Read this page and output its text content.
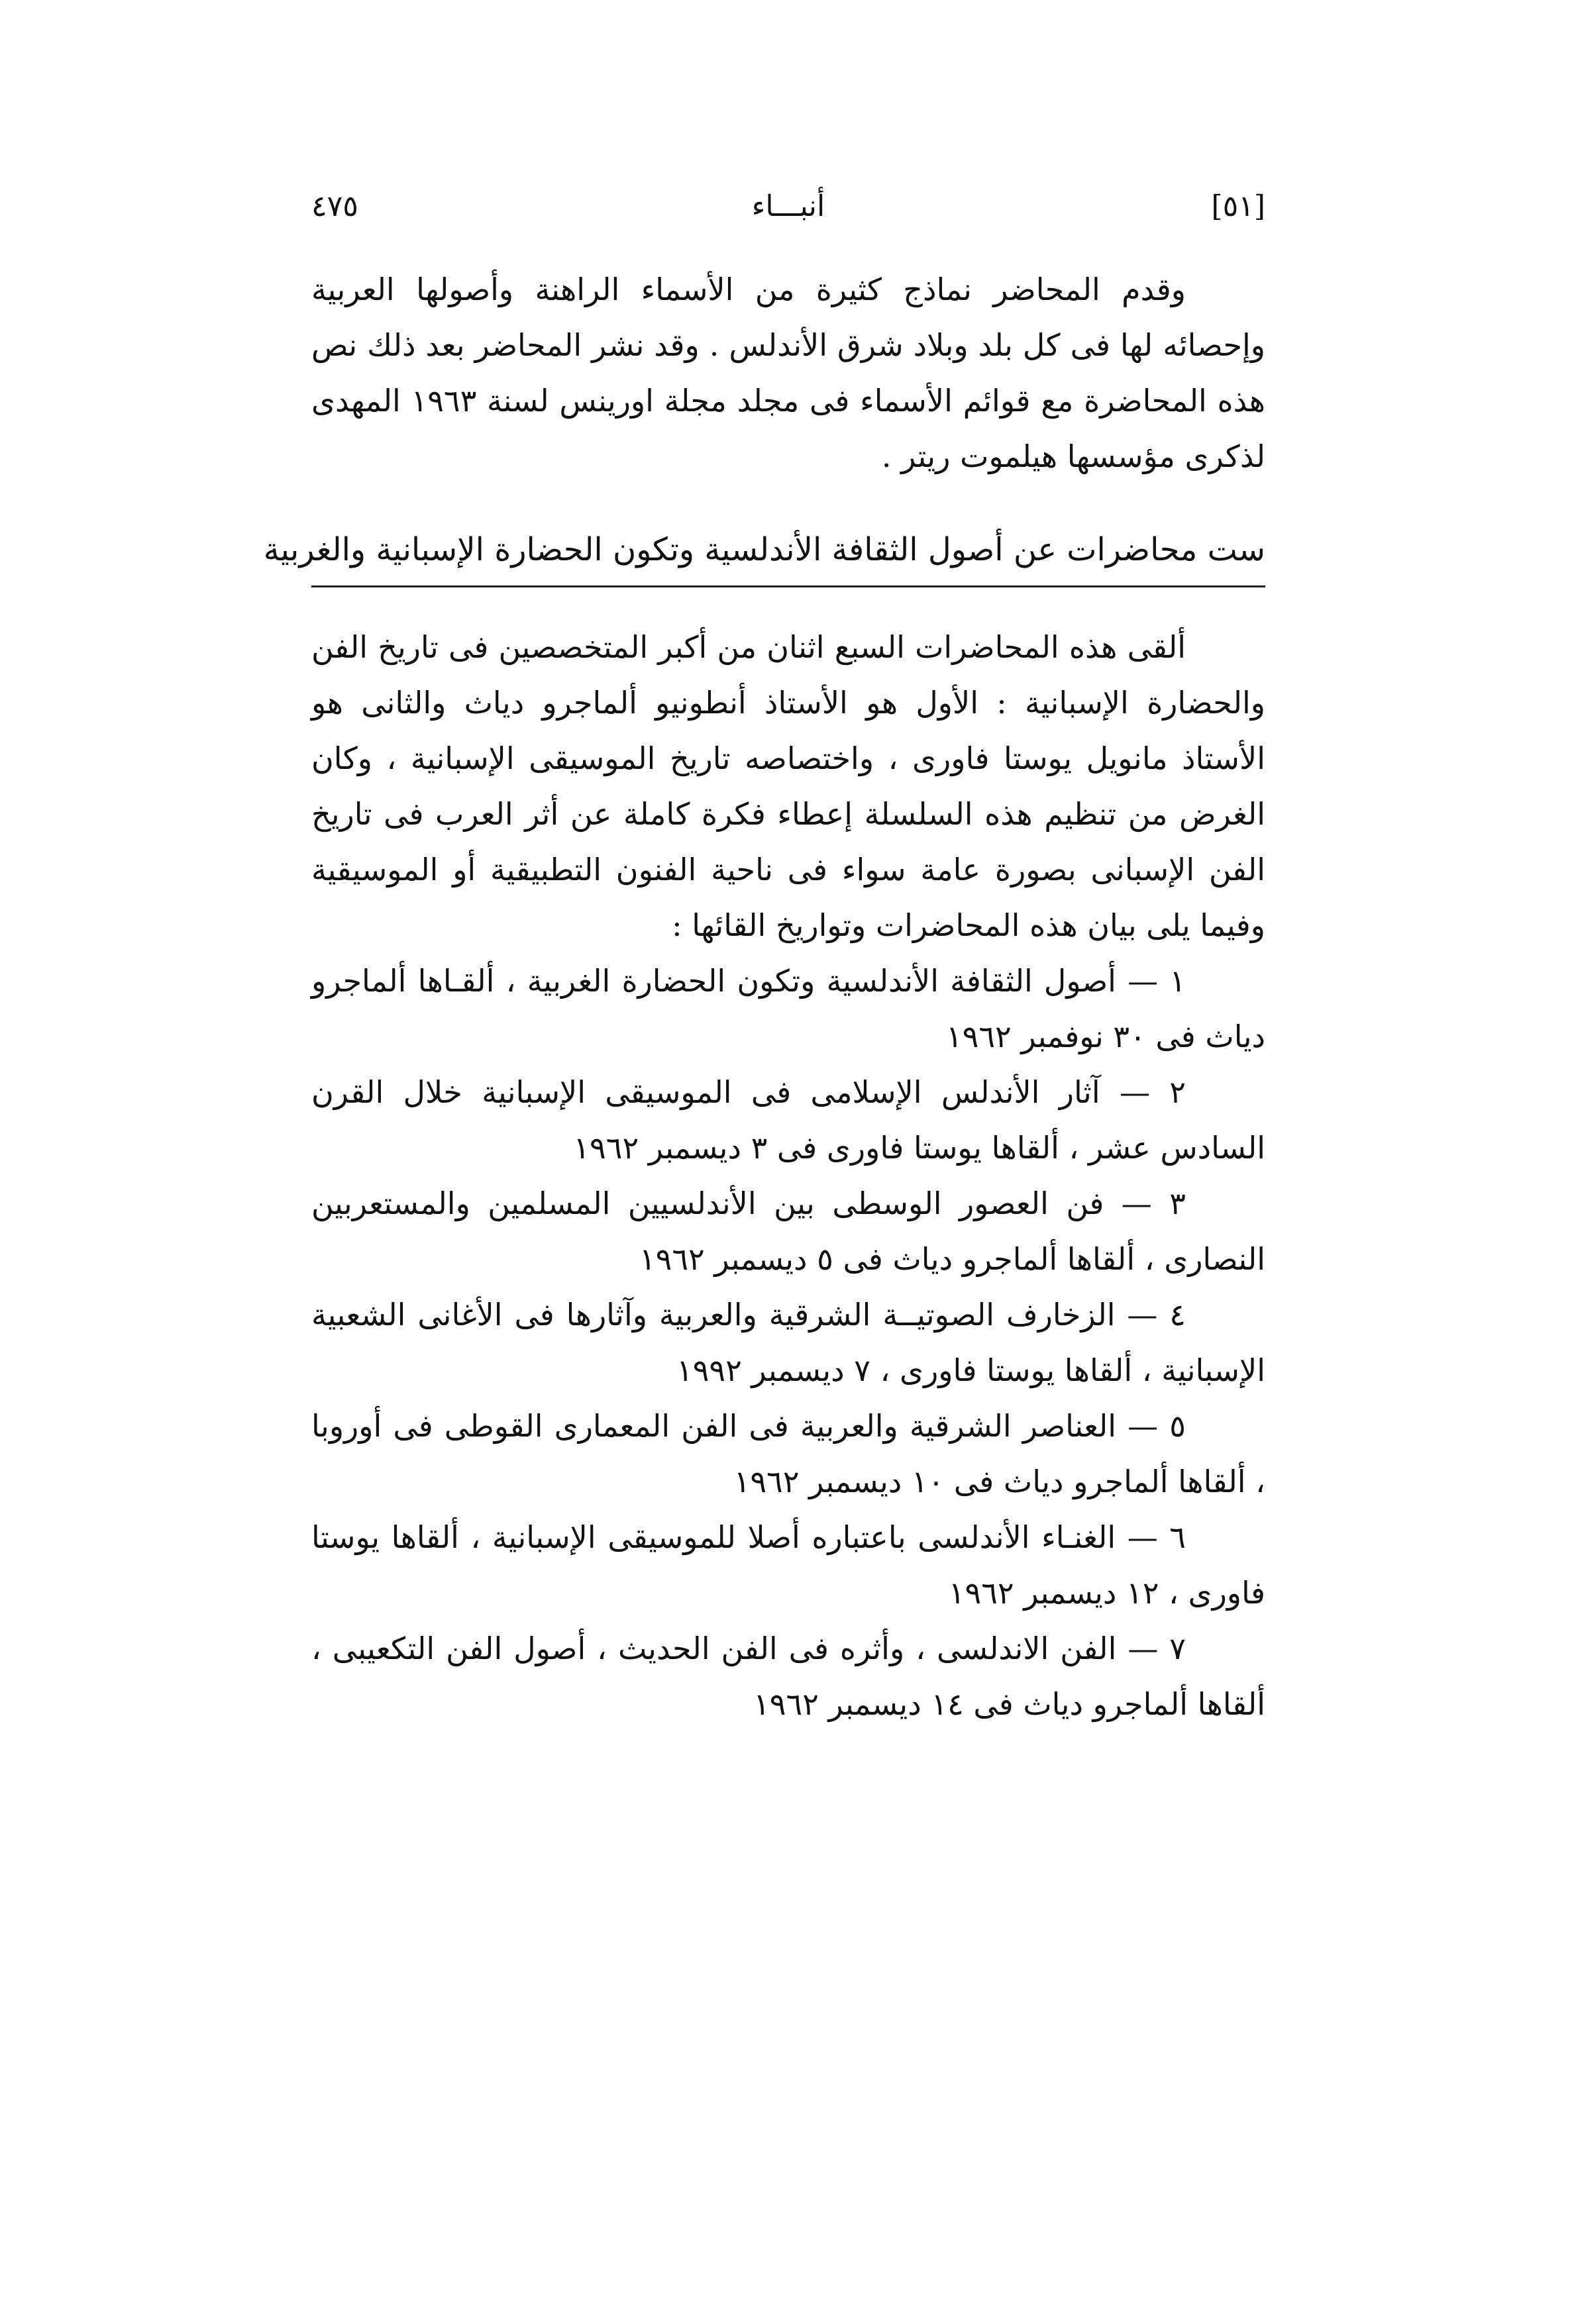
[٥١]
أنبـــاء
٤٧٥

وقدم المحاضر نماذج كثيرة من الأسماء الراهنة وأصولها العربية وإحصائه لها فى كل بلد وبلاد شرق الأندلس . وقد نشر المحاضر بعد ذلك نص هذه المحاضرة مع قوائم الأسماء فى مجلد مجلة اورينس لسنة ١٩٦٣ المهدى لذكرى مؤسسها هيلموت ريتر .

ست محاضرات عن أصول الثقافة الأندلسية وتكون الحضارة الإسبانية والغربية

ألقى هذه المحاضرات السبع اثنان من أكبر المتخصصين فى تاريخ الفن والحضارة الإسبانية : الأول هو الأستاذ أنطونيو ألماجرو دياث والثانى هو الأستاذ مانويل يوستا فاورى ، واختصاصه تاريخ الموسيقى الإسبانية ، وكان الغرض من تنظيم هذه السلسلة إعطاء فكرة كاملة عن أثر العرب فى تاريخ الفن الإسبانى بصورة عامة سواء فى ناحية الفنون التطبيقية أو الموسيقية وفيما يلى بيان هذه المحاضرات وتواريخ القائها :

١ — أصول الثقافة الأندلسية وتكون الحضارة الغربية ، ألقـاها ألماجرو دياث فى ٣٠ نوفمبر ١٩٦٢
٢ — آثار الأندلس الإسلامى فى الموسيقى الإسبانية خلال القرن السادس عشر ، ألقاها يوستا فاورى فى ٣ ديسمبر ١٩٦٢
٣ — فن العصور الوسطى بين الأندلسيين المسلمين والمستعربين النصارى ، ألقاها ألماجرو دياث فى ٥ ديسمبر ١٩٦٢
٤ — الزخارف الصوتيــة الشرقية والعربية وآثارها فى الأغانى الشعبية الإسبانية ، ألقاها يوستا فاورى ، ٧ ديسمبر ١٩٩٢
٥ — العناصر الشرقية والعربية فى الفن المعمارى القوطى فى أوروبا ، ألقاها ألماجرو دياث فى ١٠ ديسمبر ١٩٦٢
٦ — الغنـاء الأندلسى باعتباره أصلا للموسيقى الإسبانية ، ألقاها يوستا فاورى ، ١٢ ديسمبر ١٩٦٢
٧ — الفن الاندلسى ، وأثره فى الفن الحديث ، أصول الفن التكعيبى ، ألقاها ألماجرو دياث فى ١٤ ديسمبر ١٩٦٢
